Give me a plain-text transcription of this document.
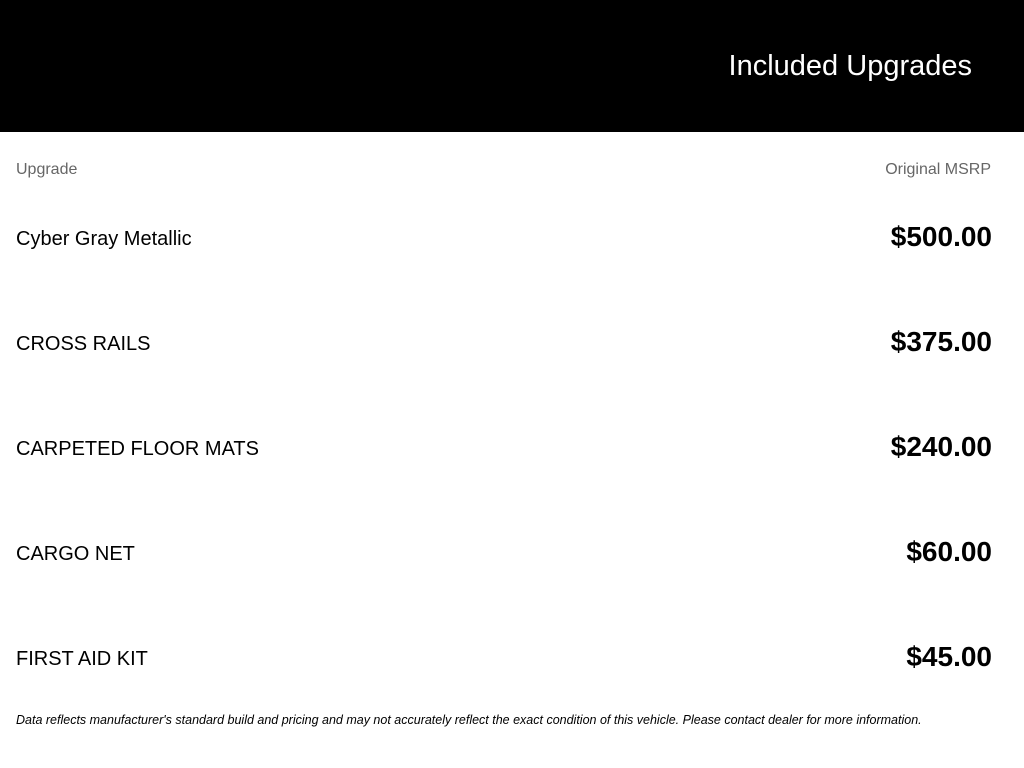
Included Upgrades
Upgrade	Original MSRP
Cyber Gray Metallic	$500.00
CROSS RAILS	$375.00
CARPETED FLOOR MATS	$240.00
CARGO NET	$60.00
FIRST AID KIT	$45.00

Data reflects manufacturer's standard build and pricing and may not accurately reflect the exact condition of this vehicle. Please contact dealer for more information.
